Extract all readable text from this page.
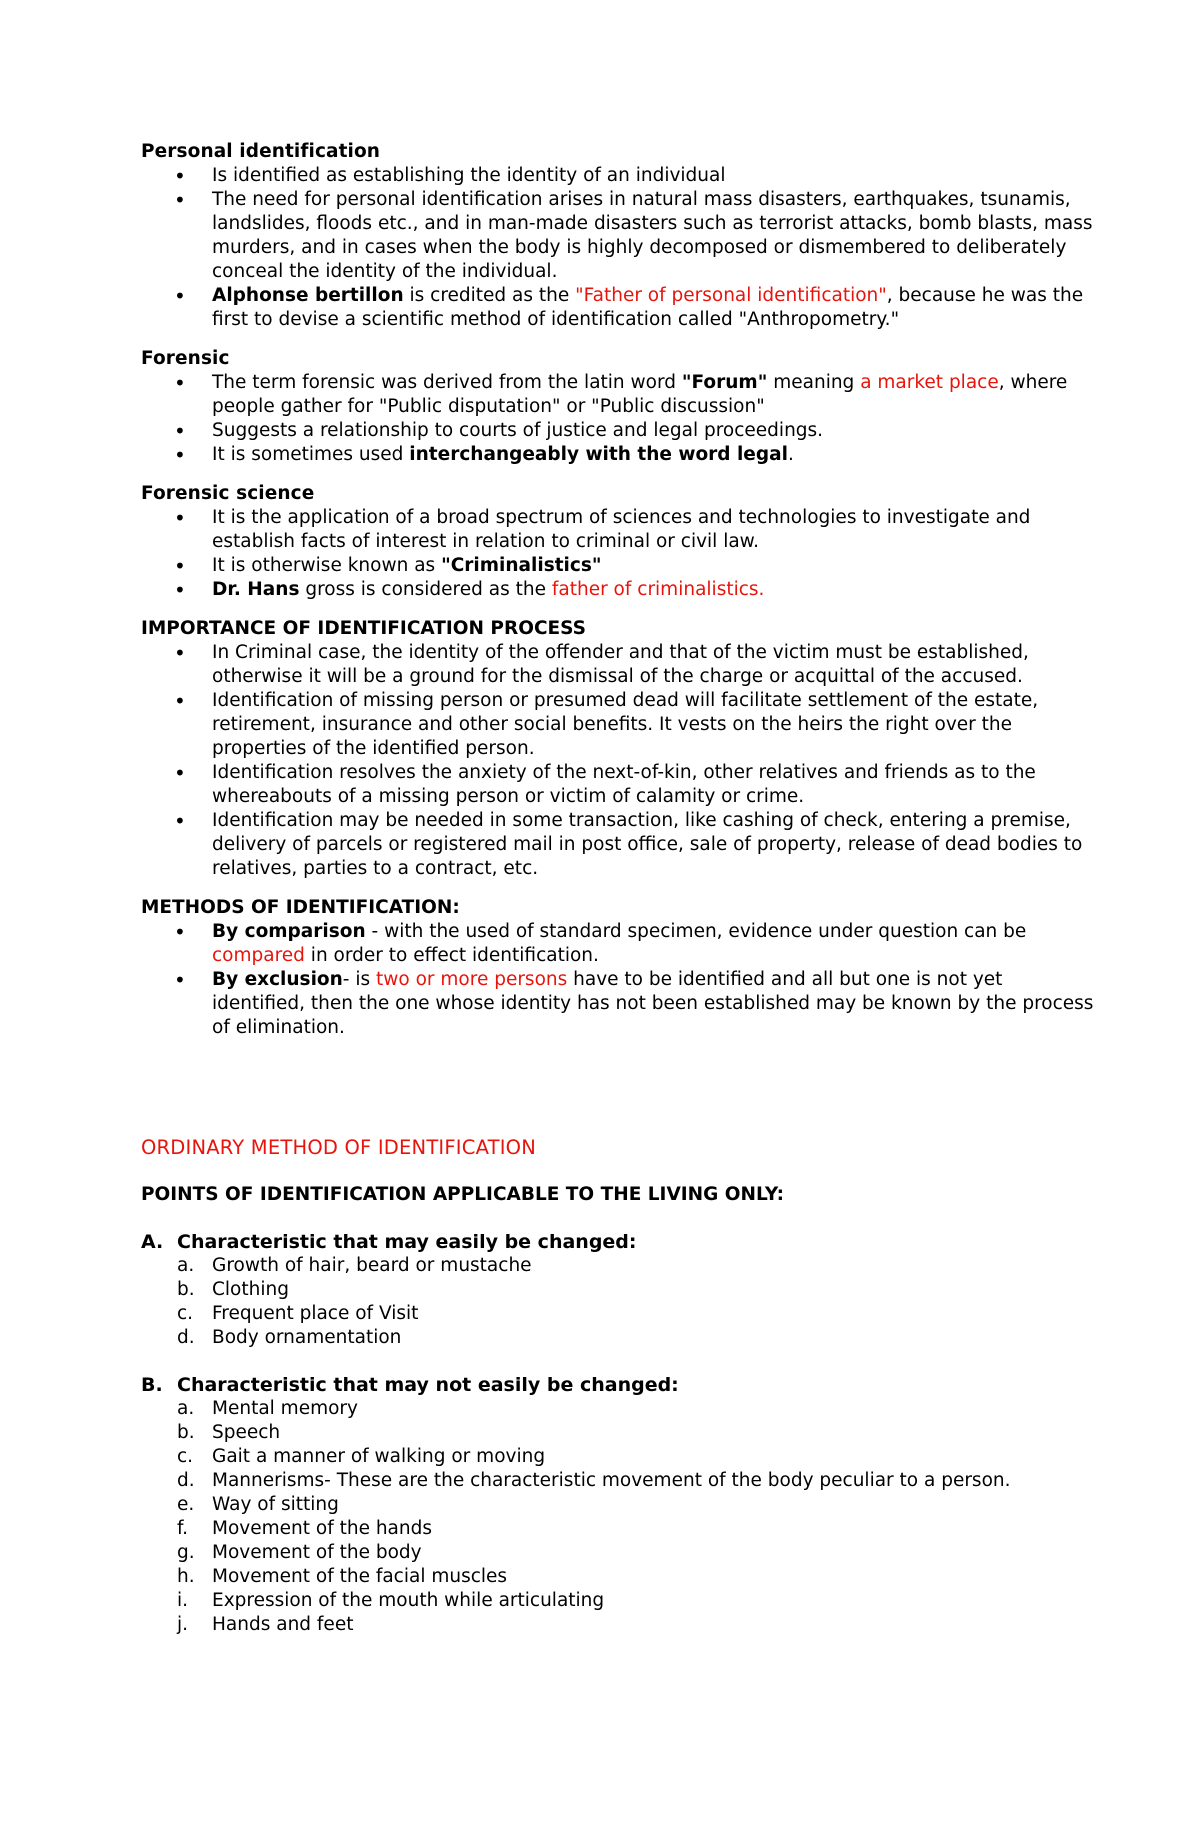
Personal identification
• Is identified as establishing the identity of an individual
• The need for personal identification arises in natural mass disasters, earthquakes, tsunamis, landslides, floods etc., and in man-made disasters such as terrorist attacks, bomb blasts, mass murders, and in cases when the body is highly decomposed or dismembered to deliberately conceal the identity of the individual.
• Alphonse bertillon is credited as the "Father of personal identification", because he was the first to devise a scientific method of identification called "Anthropometry."
Forensic
• The term forensic was derived from the latin word "Forum" meaning a market place, where people gather for "Public disputation" or "Public discussion"
• Suggests a relationship to courts of justice and legal proceedings.
• It is sometimes used interchangeably with the word legal.
Forensic science
• It is the application of a broad spectrum of sciences and technologies to investigate and establish facts of interest in relation to criminal or civil law.
• It is otherwise known as "Criminalistics"
• Dr. Hans gross is considered as the father of criminalistics.
IMPORTANCE OF IDENTIFICATION PROCESS
• In Criminal case, the identity of the offender and that of the victim must be established, otherwise it will be a ground for the dismissal of the charge or acquittal of the accused.
• Identification of missing person or presumed dead will facilitate settlement of the estate, retirement, insurance and other social benefits. It vests on the heirs the right over the properties of the identified person.
• Identification resolves the anxiety of the next-of-kin, other relatives and friends as to the whereabouts of a missing person or victim of calamity or crime.
• Identification may be needed in some transaction, like cashing of check, entering a premise, delivery of parcels or registered mail in post office, sale of property, release of dead bodies to relatives, parties to a contract, etc.
METHODS OF IDENTIFICATION:
• By comparison - with the used of standard specimen, evidence under question can be compared in order to effect identification.
• By exclusion- is two or more persons have to be identified and all but one is not yet identified, then the one whose identity has not been established may be known by the process of elimination.
ORDINARY METHOD OF IDENTIFICATION
POINTS OF IDENTIFICATION APPLICABLE TO THE LIVING ONLY:
A. Characteristic that may easily be changed:
a. Growth of hair, beard or mustache
b. Clothing
c. Frequent place of Visit
d. Body ornamentation
B. Characteristic that may not easily be changed:
a. Mental memory
b. Speech
c. Gait a manner of walking or moving
d. Mannerisms- These are the characteristic movement of the body peculiar to a person.
e. Way of sitting
f. Movement of the hands
g. Movement of the body
h. Movement of the facial muscles
i. Expression of the mouth while articulating
j. Hands and feet
